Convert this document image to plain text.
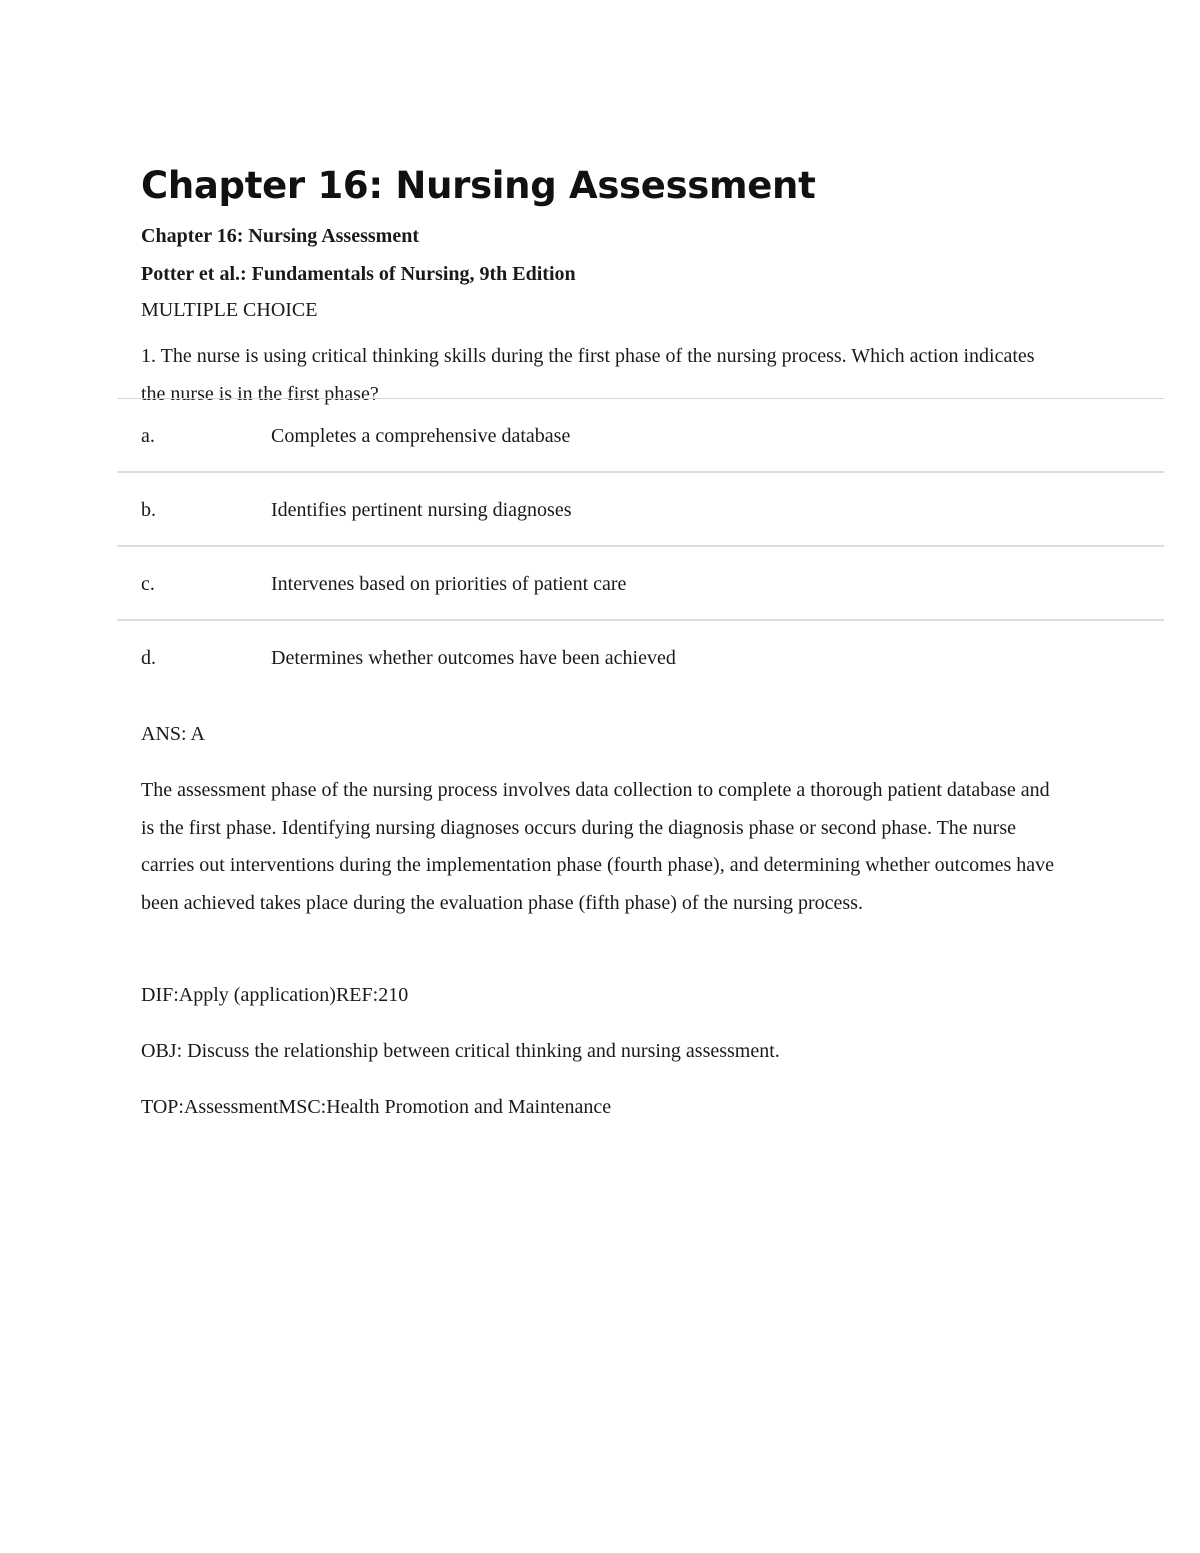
Chapter 16: Nursing Assessment

Chapter 16: Nursing Assessment

Potter et al.: Fundamentals of Nursing, 9th Edition

MULTIPLE CHOICE

1. The nurse is using critical thinking skills during the first phase of the nursing process. Which action indicates the nurse is in the first phase?

a.	Completes a comprehensive database
b.	Identifies pertinent nursing diagnoses
c.	Intervenes based on priorities of patient care
d.	Determines whether outcomes have been achieved

ANS: A

The assessment phase of the nursing process involves data collection to complete a thorough patient database and is the first phase. Identifying nursing diagnoses occurs during the diagnosis phase or second phase. The nurse carries out interventions during the implementation phase (fourth phase), and determining whether outcomes have been achieved takes place during the evaluation phase (fifth phase) of the nursing process.

DIF:Apply (application)REF:210

OBJ: Discuss the relationship between critical thinking and nursing assessment.

TOP:AssessmentMSC:Health Promotion and Maintenance
